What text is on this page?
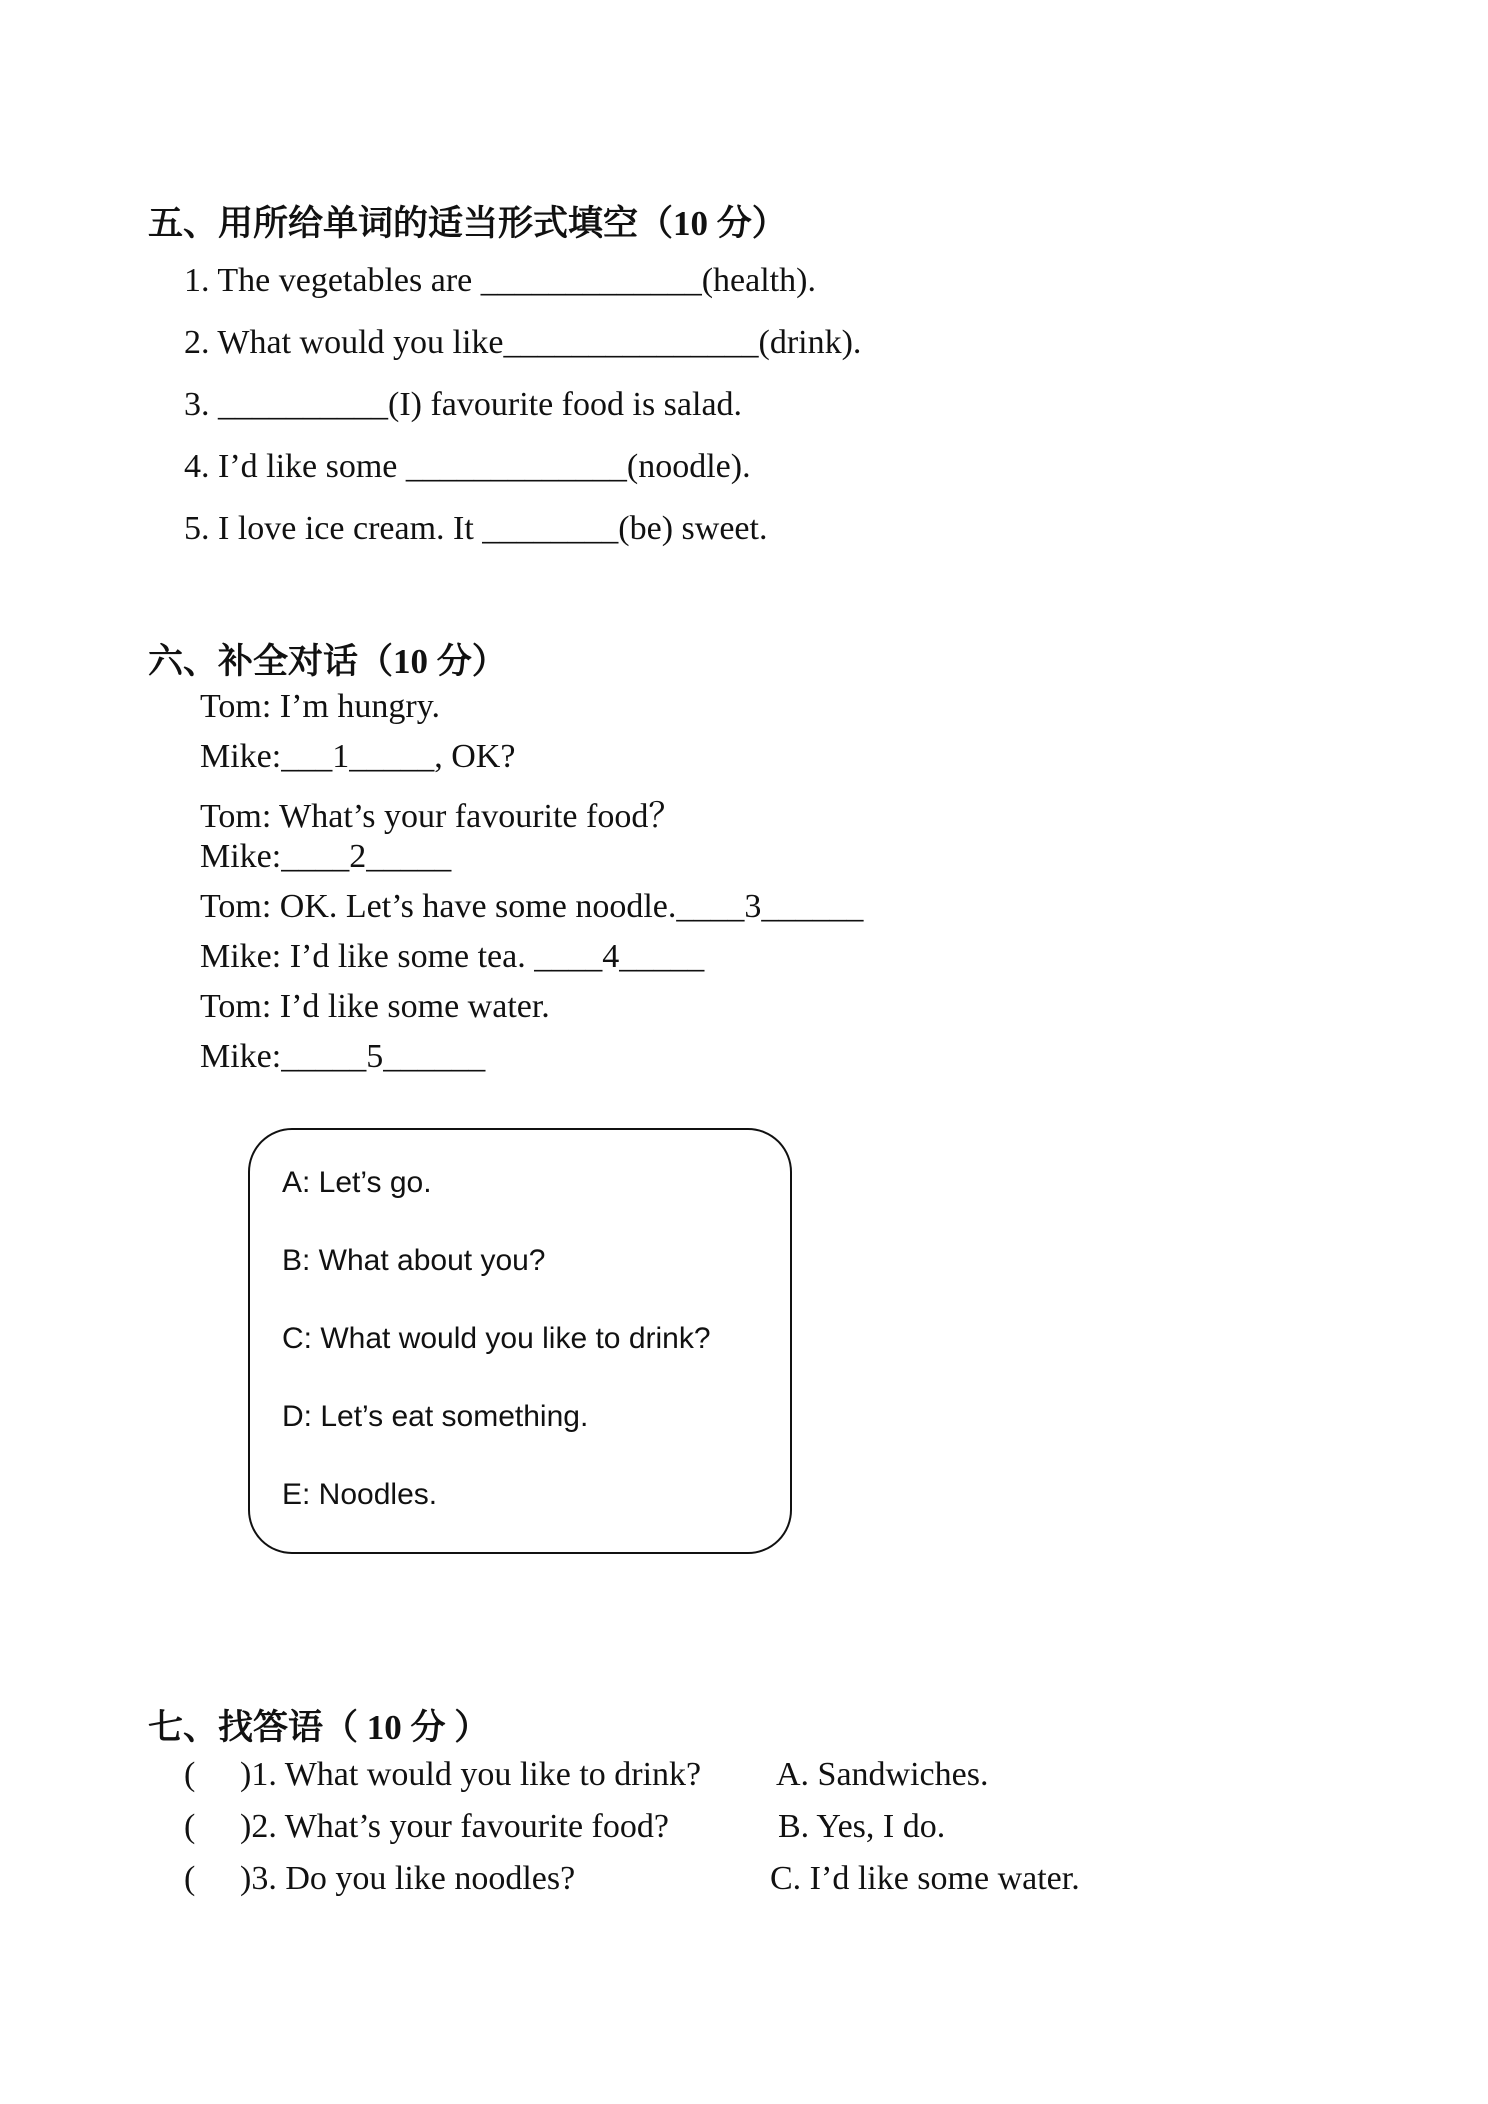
五、用所给单词的适当形式填空（10 分）
1. The vegetables are _____________(health).
2. What would you like_______________(drink).
3. __________(I) favourite food is salad.
4. I’d like some _____________(noodle).
5. I love ice cream. It ________(be) sweet.
六、补全对话（10 分）
Tom: I’m hungry.
Mike:___1_____, OK?
Tom: What’s your favourite food？
Mike:____2_____
Tom: OK. Let’s have some noodle.____3______
Mike: I’d like some tea. ____4_____
Tom: I’d like some water.
Mike:_____5______
A: Let’s go.
B: What about you?
C: What would you like to drink?
D: Let’s eat something.
E: Noodles.
七、找答语（ 10 分 ）
( )1. What would you like to drink? A. Sandwiches.
( )2. What’s your favourite food?	B. Yes, I do.
( )3. Do you like noodles?	C. I’d like some water.
